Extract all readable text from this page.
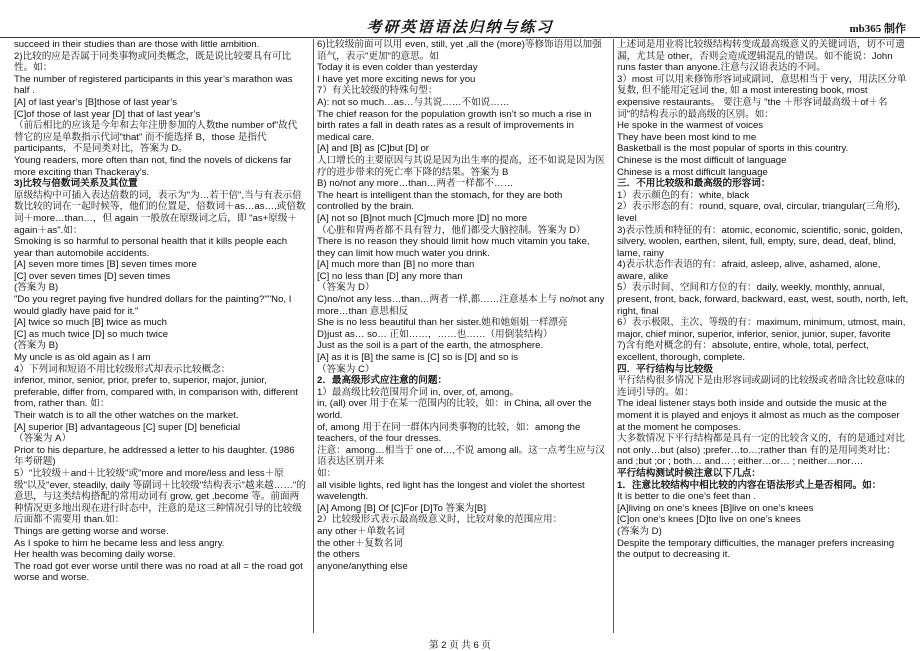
考研英语语法归纳与练习	mb365 制作

succeed in their studies than are those with little ambition.

2)比较的应是否属于同类事物或同类概念，既是说比较要具有可比性。如：

The number of registered participants in this year’s marathon was half .

[A] of last year’s [B]those of last year’s

[C]of those of last year [D] that of last year’s

（前后相比的应该是今年和去年注册参加的人数the number of"故代替它的应是单数指示代词"that" 而不能选择 B，those 是指代 participants，不是同类对比，答案为 D。

Young readers, more often than not, find the novels of dickens far more exciting than Thackeray’s.

3)比较与倍数词关系及其位置

原级结构中可插入表达倍数的词，表示为"为…若干倍",当与有表示倍数比较的词在一起时候等，他们的位置是，倍数词＋as…as…,或倍数词＋more…than…，但 again 一般放在原级词之后，即 "as+原级＋again＋as".如：

Smoking is so harmful to personal health that it kills people each year than automobile accidents.

[A] seven more times [B] seven times more

[C] over seven times [D] seven times

(答案为 B)

"Do you regret paying five hundred dollars for the painting?""No, I would gladly have paid for it."

[A] twice so much [B] twice as much

[C] as much twice [D] so much twice

(答案为 B)

My uncle is as old again as I am

4）下列词和短语不用比较级形式却表示比较概念：

inferior, minor, senior, prior, prefer to, superior, major, junior, preferable, differ from, compared with, in comparison with, different from, rather than. 如：

Their watch is to all the other watches on the market.

[A] superior [B] advantageous [C] super [D] beneficial

（答案为 A）

Prior to his departure, he addressed a letter to his daughter. (1986 年考研题)

5）"比较级＋and＋比较级"或"more and more/less and less＋原级"以及"ever, steadily, daily 等副词＋比较级"结构表示"越来越……"的意思，与这类结构搭配的常用动词有 grow, get ,become 等。前面两种情况更多地出现在进行时态中，注意的是这三种情况引导的比较级后面都不需要用 than.如：

Things are getting worse and worse.

As I spoke to him he became less and less angry.

Her health was becoming daily worse.

The road got ever worse until there was no road at all = the road got worse and worse.

6)比较级前面可以用 even, still, yet ,all the (more)等修饰语用以加强语气，表示"更加"的意思。如

Today it is even colder than yesterday

I have yet more exciting news for you

7）有关比较级的特殊句型：

A): not so much…as…与其说……不如说……

The chief reason for the population growth isn’t so much a rise in birth rates a fall in death rates as a result of improvements in medical care.

[A] and [B] as [C]but [D] or

人口增长的主要原因与其说是因为出生率的提高，还不如说是因为医疗的进步带来的死亡率下降的结果。答案为 B

B) no/not any more…than…两者一样都不……

The heart is intelligent than the stomach, for they are both controlled by the brain.

[A] not so [B]not much [C]much more [D] no more

（心脏和胃两者都不具有智力，他们都受大脑控制。答案为 D）

There is no reason they should limit how much vitamin you take, they can limit how much water you drink.

[A] much more than [B] no more than

[C] no less than [D] any more than

（答案为 D）

C)no/not any less…than…两者一样,都……注意基本上与 no/not any more…than 意思相反

She is no less beautiful than her sister.她和她姐姐一样漂亮

D)just as… so… 正如……，……也……（用倒装结构）

Just as the soil is a part of the earth, the atmosphere.

[A] as it is [B] the same is [C] so is [D] and so is

（答案为 C）

2．最高级形式应注意的问题：

1）最高级比较范围用介词 in, over, of, among。

in, (all) over 用于在某一范围内的比较，如：in China, all over the world.

of, among 用于在同一群体内同类事物的比较，如：among the teachers, of the four dresses.

注意：among…相当于 one of…,不说 among all。这一点考生应与汉语表达区别开来

如：

all visible lights, red light has the longest and violet the shortest wavelength.

[A] Among [B] Of [C]For [D]To 答案为[B]

2）比较级形式表示最高级意义时，比较对象的范围应用：

any other＋单数名词

the other＋复数名词

the others

anyone/anything else

上述词是用业将比较级结构转变成最高级意义的关键词语，切不可遗漏，尤其是 other，否则会造成逻辑混乱的错误。如不能说：John runs faster than anyone.注意与汉语表达的不同。

3）most 可以用来修饰形容词或副词，意思相当于 very，用法区分单复数, 但不能用定冠词 the, 如 a most interesting book, most expensive restaurants。 要注意与 "the ＋形容词最高级＋of＋名词"的结构表示的最高级的区别。如：

He spoke in the warmest of voices

They have been most kind to me

Basketball is the most popular of sports in this country.

Chinese is the most difficult of language

Chinese is a most difficult language

三．不用比较级和最高级的形容词：

1）表示颜色的有：white, black

2）表示形态的有：round, square, oval, circular, triangular(三角形), level

3)表示性质和特征的有：atomic, economic, scientific, sonic, golden, silvery, woolen, earthen, silent, full, empty, sure, dead, deaf, blind, lame, rainy

4)表示状态作表语的有：afraid, asleep, alive, ashamed, alone, aware, alike

5）表示时间、空间和方位的有：daily, weekly, monthly, annual, present, front, back, forward, backward, east, west, south, north, left, right, final

6）表示极限、主次、等级的有：maximum, minimum, utmost, main, major, chief minor, superior, inferior, senior, junior, super, favorite

7)含有绝对概念的有：absolute, entire, whole, total, perfect, excellent, thorough, complete.

四．平行结构与比较级

平行结构很多情况下是由形容词或副词的比较级或者暗含比较意味的连词引导的。如：

The ideal listener stays both inside and outside the music at the moment it is played and enjoys it almost as much as the composer at the moment he composes.

大多数情况下平行结构都是具有一定的比较含义的，有的是通过对比 not only…but (also) ;prefer…to…;rather than 有的是用同类对比：and ;but ;or ; both… and… ; either…or… ; neither…nor….

平行结构测试时候注意以下几点：

1．注意比较结构中相比较的内容在语法形式上是否相同。如：

It is better to die one’s feet than .

[A]living on one’s knees [B]live on one’s knees

[C]on one’s knees [D]to live on one’s knees

(答案为 D)

Despite the temporary difficulties, the manager prefers increasing the output to decreasing it.

第 2 页 共 6 页
